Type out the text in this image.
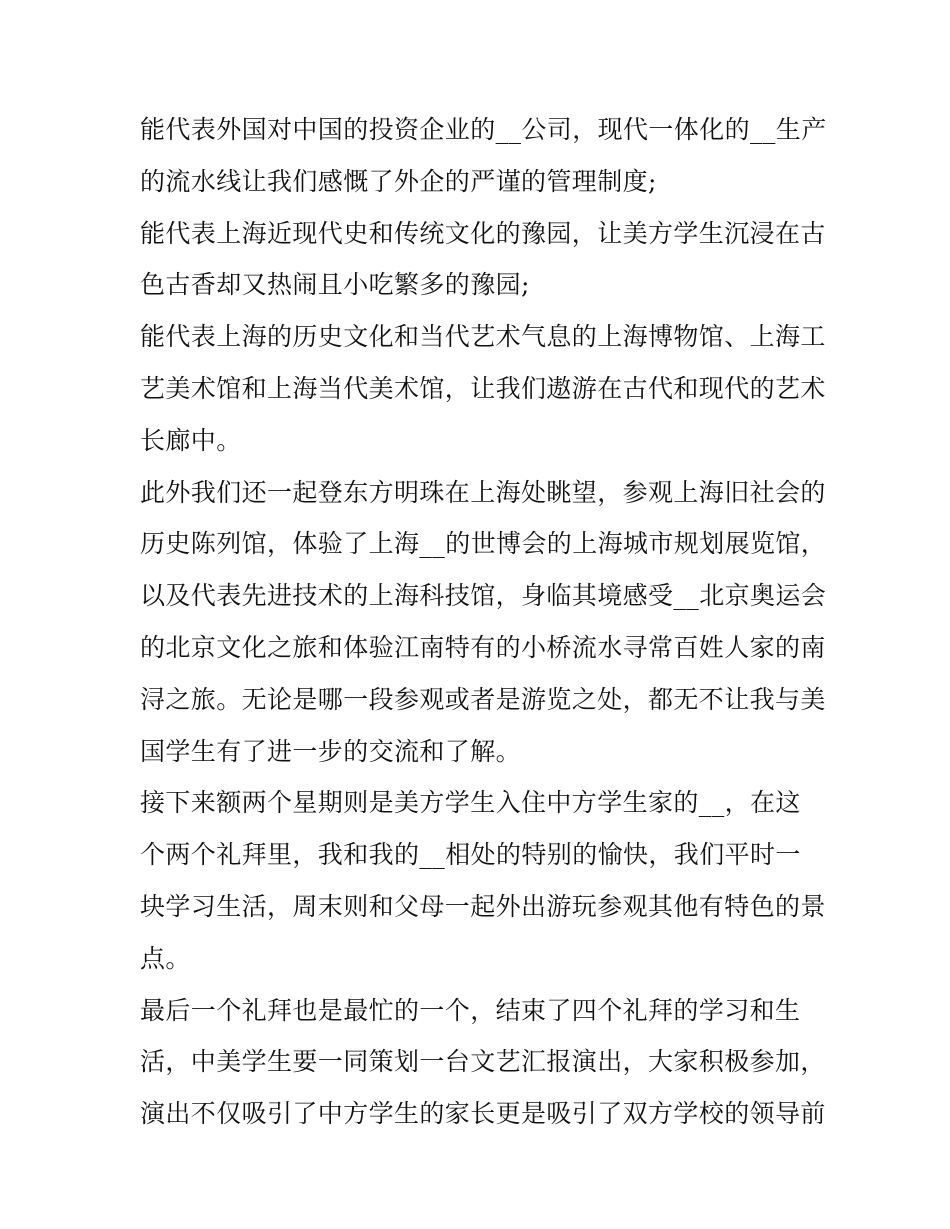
能代表外国对中国的投资企业的__公司，现代一体化的__生产
的流水线让我们感慨了外企的严谨的管理制度;
能代表上海近现代史和传统文化的豫园，让美方学生沉浸在古
色古香却又热闹且小吃繁多的豫园;
能代表上海的历史文化和当代艺术气息的上海博物馆、上海工
艺美术馆和上海当代美术馆，让我们遨游在古代和现代的艺术
长廊中。
此外我们还一起登东方明珠在上海处眺望，参观上海旧社会的
历史陈列馆，体验了上海__的世博会的上海城市规划展览馆，
以及代表先进技术的上海科技馆，身临其境感受__北京奥运会
的北京文化之旅和体验江南特有的小桥流水寻常百姓人家的南
浔之旅。无论是哪一段参观或者是游览之处，都无不让我与美
国学生有了进一步的交流和了解。
接下来额两个星期则是美方学生入住中方学生家的__，在这
个两个礼拜里，我和我的__相处的特别的愉快，我们平时一
块学习生活，周末则和父母一起外出游玩参观其他有特色的景
点。
最后一个礼拜也是最忙的一个，结束了四个礼拜的学习和生
活，中美学生要一同策划一台文艺汇报演出，大家积极参加，
演出不仅吸引了中方学生的家长更是吸引了双方学校的领导前
